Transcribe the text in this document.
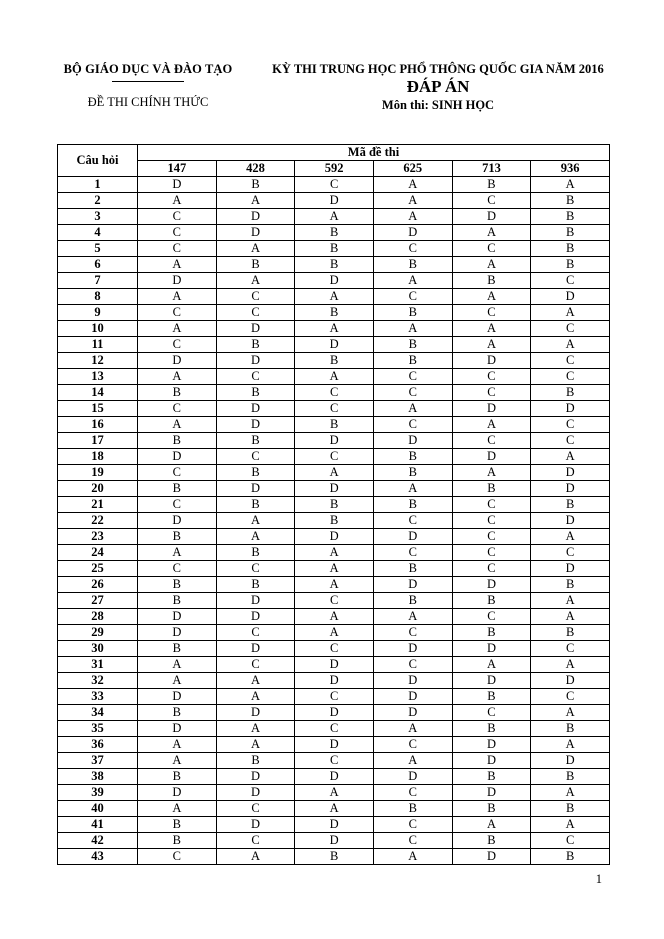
BỘ GIÁO DỤC VÀ ĐÀO TẠO
ĐỀ THI CHÍNH THỨC
KỲ THI TRUNG HỌC PHỔ THÔNG QUỐC GIA NĂM 2016
ĐÁP ÁN
Môn thi: SINH HỌC
Câu hỏi	Mã đề thi					
	147	428	592	625	713	936
1	D	B	C	A	B	A
2	A	A	D	A	C	B
3	C	D	A	A	D	B
4	C	D	B	D	A	B
5	C	A	B	C	C	B
6	A	B	B	B	A	B
7	D	A	D	A	B	C
8	A	C	A	C	A	D
9	C	C	B	B	C	A
10	A	D	A	A	A	C
11	C	B	D	B	A	A
12	D	D	B	B	D	C
13	A	C	A	C	C	C
14	B	B	C	C	C	B
15	C	D	C	A	D	D
16	A	D	B	C	A	C
17	B	B	D	D	C	C
18	D	C	C	B	D	A
19	C	B	A	B	A	D
20	B	D	D	A	B	D
21	C	B	B	B	C	B
22	D	A	B	C	C	D
23	B	A	D	D	C	A
24	A	B	A	C	C	C
25	C	C	A	B	C	D
26	B	B	A	D	D	B
27	B	D	C	B	B	A
28	D	D	A	A	C	A
29	D	C	A	C	B	B
30	B	D	C	D	D	C
31	A	C	D	C	A	A
32	A	A	D	D	D	D
33	D	A	C	D	B	C
34	B	D	D	D	C	A
35	D	A	C	A	B	B
36	A	A	D	C	D	A
37	A	B	C	A	D	D
38	B	D	D	D	B	B
39	D	D	A	C	D	A
40	A	C	A	B	B	B
41	B	D	D	C	A	A
42	B	C	D	C	B	C
43	C	A	B	A	D	B
1
